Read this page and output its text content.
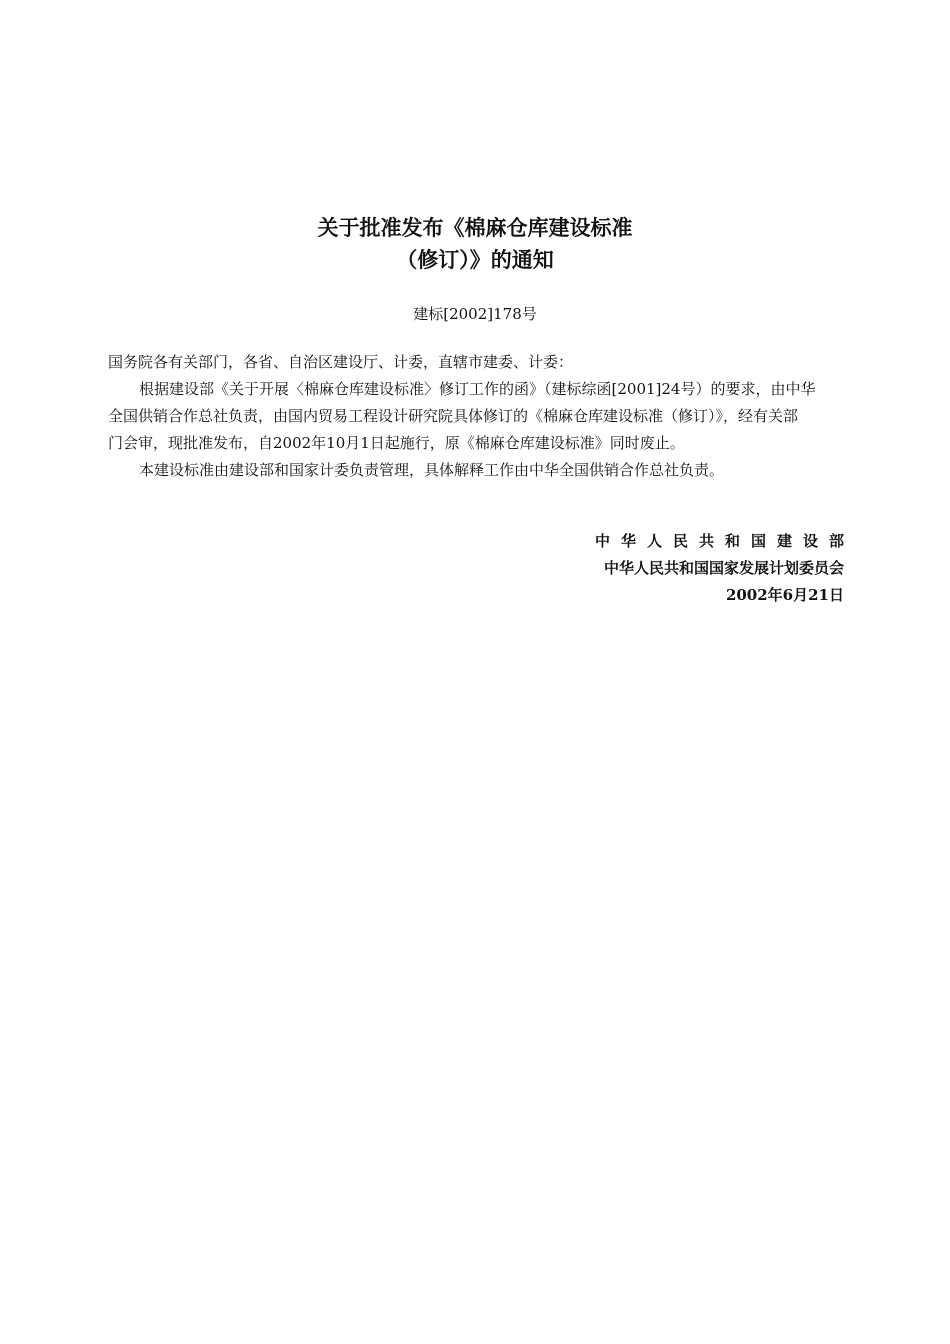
关于批准发布《棉麻仓库建设标准
（修订）》的通知
建标[2002]178号

国务院各有关部门，各省、自治区建设厅、计委，直辖市建委、计委：

根据建设部《关于开展〈棉麻仓库建设标准〉修订工作的函》（建标综函[2001]24号）的要求，由中华

全国供销合作总社负责，由国内贸易工程设计研究院具体修订的《棉麻仓库建设标准（修订）》，经有关部

门会审，现批准发布，自2002年10月1日起施行，原《棉麻仓库建设标准》同时废止。

本建设标准由建设部和国家计委负责管理，具体解释工作由中华全国供销合作总社负责。

中华人民共和国建设部
中华人民共和国国家发展计划委员会
2002年6月21日
